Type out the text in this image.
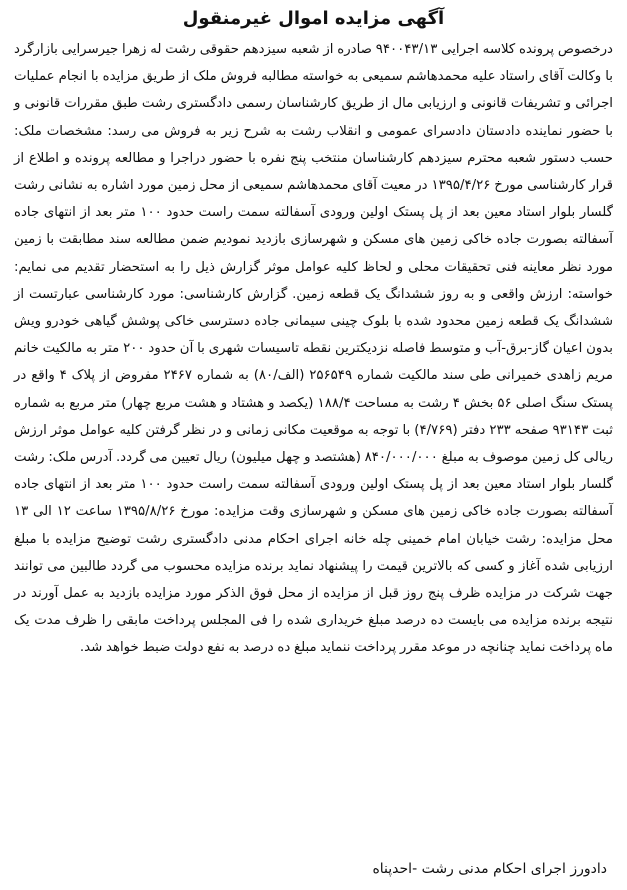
آگهی مزایده اموال غیرمنقول

درخصوص پرونده کلاسه اجرایی ۹۴۰۰۴۳/۱۳ صادره از شعبه سیزدهم حقوقی رشت له زهرا جیرسرایی بازارگرد با وکالت آقای راستاد علیه محمدهاشم سمیعی به خواسته مطالبه فروش ملک از طریق مزایده با انجام عملیات اجرائی و تشریفات قانونی و ارزیابی مال از طریق کارشناسان رسمی دادگستری رشت طبق مقررات قانونی و با حضور نماینده دادستان دادسرای عمومی و انقلاب رشت به شرح زیر به فروش می رسد: مشخصات ملک: حسب دستور شعبه محترم سیزدهم کارشناسان منتخب پنج نفره با حضور دراجرا و مطالعه پرونده و اطلاع از قرار کارشناسی مورخ ۱۳۹۵/۴/۲۶ در معیت آقای محمدهاشم سمیعی از محل زمین مورد اشاره به نشانی رشت گلسار بلوار استاد معین بعد از پل پستک اولین ورودی آسفالته سمت راست حدود ۱۰۰ متر بعد از انتهای جاده آسفالته بصورت جاده خاکی زمین های مسکن و شهرسازی بازدید نمودیم ضمن مطالعه سند مطابقت با زمین مورد نظر معاینه فنی تحقیقات محلی و لحاظ کلیه عوامل موثر گزارش ذیل را به استحضار تقدیم می نمایم: خواسته: ارزش واقعی و به روز ششدانگ یک قطعه زمین. گزارش کارشناسی: مورد کارشناسی عبارتست از ششدانگ یک قطعه زمین محدود شده با بلوک چینی سیمانی جاده دسترسی خاکی پوشش گیاهی خودرو ویش بدون اعیان گاز-برق-آب و متوسط فاصله نزدیکترین نقطه تاسیسات شهری با آن حدود ۲۰۰ متر به مالکیت خانم مریم زاهدی خمیرانی طی سند مالکیت شماره ۲۵۶۵۴۹ (الف/۸۰) به شماره ۲۴۶۷ مفروض از پلاک ۴ واقع در پستک سنگ اصلی ۵۶ بخش ۴ رشت به مساحت ۱۸۸/۴ (یکصد و هشتاد و هشت مربع چهار) متر مربع به شماره ثبت ۹۳۱۴۳ صفحه ۲۳۳ دفتر (۴/۷۶۹) با توجه به موقعیت مکانی زمانی و در نظر گرفتن کلیه عوامل موثر ارزش ریالی کل زمین موصوف به مبلغ ۸۴۰/۰۰۰/۰۰۰ (هشتصد و چهل میلیون) ریال تعیین می گردد. آدرس ملک: رشت گلسار بلوار استاد معین بعد از پل پستک اولین ورودی آسفالته سمت راست حدود ۱۰۰ متر بعد از انتهای جاده آسفالته بصورت جاده خاکی زمین های مسکن و شهرسازی وقت مزایده: مورخ ۱۳۹۵/۸/۲۶ ساعت ۱۲ الی ۱۳ محل مزایده: رشت خیابان امام خمینی چله خانه اجرای احکام مدنی دادگستری رشت توضیح مزایده با مبلغ ارزیابی شده آغاز و کسی که بالاترین قیمت را پیشنهاد نماید برنده مزایده محسوب می گردد طالبین می توانند جهت شرکت در مزایده ظرف پنج روز قبل از مزایده از محل فوق الذکر مورد مزایده بازدید به عمل آورند در نتیجه برنده مزایده می بایست ده درصد مبلغ خریداری شده را فی المجلس پرداخت مابقی را ظرف مدت یک ماه پرداخت نماید چنانچه در موعد مقرر پرداخت ننماید مبلغ ده درصد به نفع دولت ضبط خواهد شد.

دادورز اجرای احکام مدنی رشت -احدپناه
